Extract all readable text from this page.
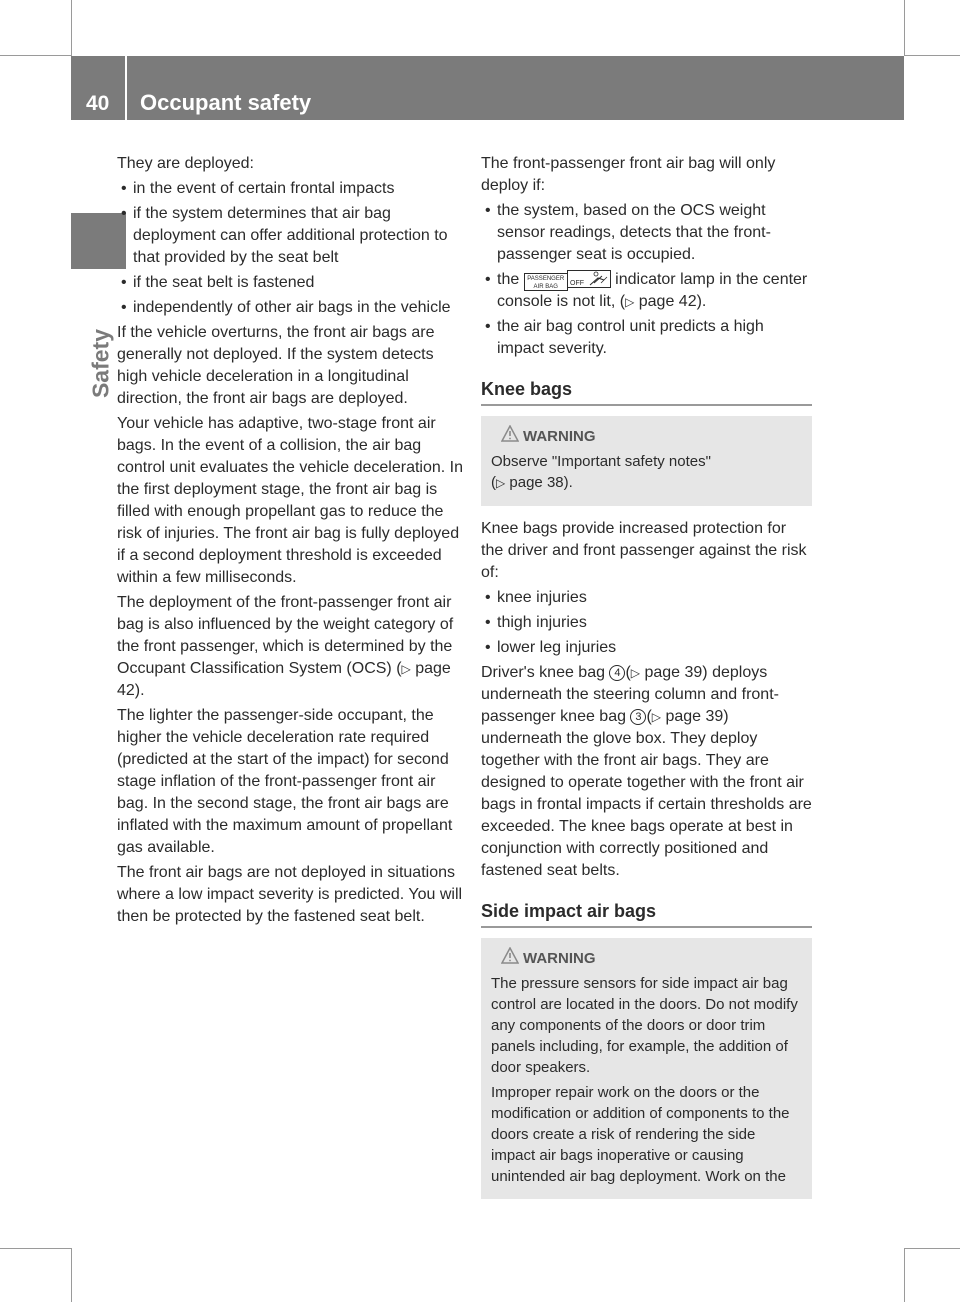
40 Occupant safety
Safety

They are deployed:

• in the event of certain frontal impacts

• if the system determines that air bag deployment can offer additional protection to that provided by the seat belt

• if the seat belt is fastened

• independently of other air bags in the vehicle

If the vehicle overturns, the front air bags are generally not deployed. If the system detects high vehicle deceleration in a longitudinal direction, the front air bags are deployed.

Your vehicle has adaptive, two-stage front air bags. In the event of a collision, the air bag control unit evaluates the vehicle deceleration. In the first deployment stage, the front air bag is filled with enough propellant gas to reduce the risk of injuries. The front air bag is fully deployed if a second deployment threshold is exceeded within a few milliseconds.

The deployment of the front-passenger front air bag is also influenced by the weight category of the front passenger, which is determined by the Occupant Classification System (OCS) (▷ page 42).

The lighter the passenger-side occupant, the higher the vehicle deceleration rate required (predicted at the start of the impact) for second stage inflation of the front-passenger front air bag. In the second stage, the front air bags are inflated with the maximum amount of propellant gas available.

The front air bags are not deployed in situations where a low impact severity is predicted. You will then be protected by the fastened seat belt.

The front-passenger front air bag will only deploy if:

• the system, based on the OCS weight sensor readings, detects that the front-passenger seat is occupied.

• the PASSENGER
AIR BAG OFF indicator lamp in the center console is not lit, (▷ page 42).

• the air bag control unit predicts a high impact severity.

Knee bags
WARNING
Observe "Important safety notes"
(▷ page 38).

Knee bags provide increased protection for the driver and front passenger against the risk of:

• knee injuries

• thigh injuries

• lower leg injuries

Driver's knee bag 4 (▷ page 39) deploys underneath the steering column and front-passenger knee bag 3 (▷ page 39) underneath the glove box. They deploy together with the front air bags. They are designed to operate together with the front air bags in frontal impacts if certain thresholds are exceeded. The knee bags operate at best in conjunction with correctly positioned and fastened seat belts.

Side impact air bags
WARNING
The pressure sensors for side impact air bag control are located in the doors. Do not modify any components of the doors or door trim panels including, for example, the addition of door speakers.
Improper repair work on the doors or the modification or addition of components to the doors create a risk of rendering the side impact air bags inoperative or causing unintended air bag deployment. Work on the
